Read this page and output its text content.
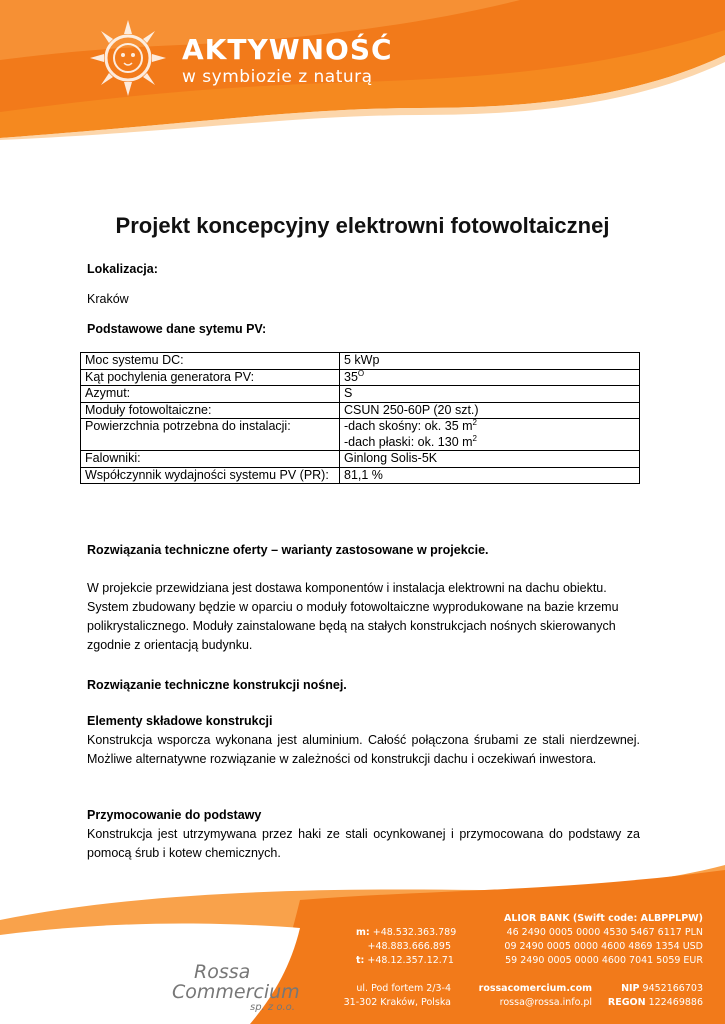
AKTYWNOŚĆ
w symbiozie z naturą
Projekt koncepcyjny elektrowni fotowoltaicznej
Lokalizacja:
Kraków
Podstawowe dane sytemu PV:
Moc systemu DC:	5 kWp
Kąt pochylenia generatora PV:	$35^O$
Azymut:	S
Moduły fotowoltaiczne:	CSUN 250-60P (20 szt.)
Powierzchnia potrzebna do instalacji:	-dach skośny: ok. 35 $m^2$
-dach płaski: ok. 130 $m^2$

Falowniki:	Ginlong Solis-5K
Współczynnik wydajności systemu PV (PR):	81,1 %
Rozwiązania techniczne oferty – warianty zastosowane w projekcie.
W projekcie przewidziana jest dostawa komponentów i instalacja elektrowni na dachu obiektu.
System zbudowany będzie w oparciu o moduły fotowoltaiczne wyprodukowane na bazie krzemu
polikrystalicznego. Moduły zainstalowane będą na stałych konstrukcjach nośnych skierowanych
zgodnie z orientacją budynku.
Rozwiązanie techniczne konstrukcji nośnej.
Elementy składowe konstrukcji
Konstrukcja wsporcza wykonana jest aluminium. Całość połączona śrubami ze stali nierdzewnej. Możliwe alternatywne rozwiązanie w zależności od konstrukcji dachu i oczekiwań inwestora.
Przymocowanie do podstawy
Konstrukcja jest utrzymywana przez haki ze stali ocynkowanej i przymocowana do podstawy za pomocą śrub i kotew chemicznych.
m: +48.532.363.789
+48.883.666.895
t: +48.12.357.12.71
ul. Pod fortem 2/3-4
31-302 Kraków, Polska
ALIOR BANK (Swift code: ALBPPLPW)
46 2490 0005 0000 4530 5467 6117 PLN
09 2490 0005 0000 4600 4869 1354 USD
59 2490 0005 0000 4600 7041 5059 EUR
rossacomercium.com
rossa@rossa.info.pl
NIP 9452166703
REGON 122469886
Rossa
Commercium
sp. z o.o.
